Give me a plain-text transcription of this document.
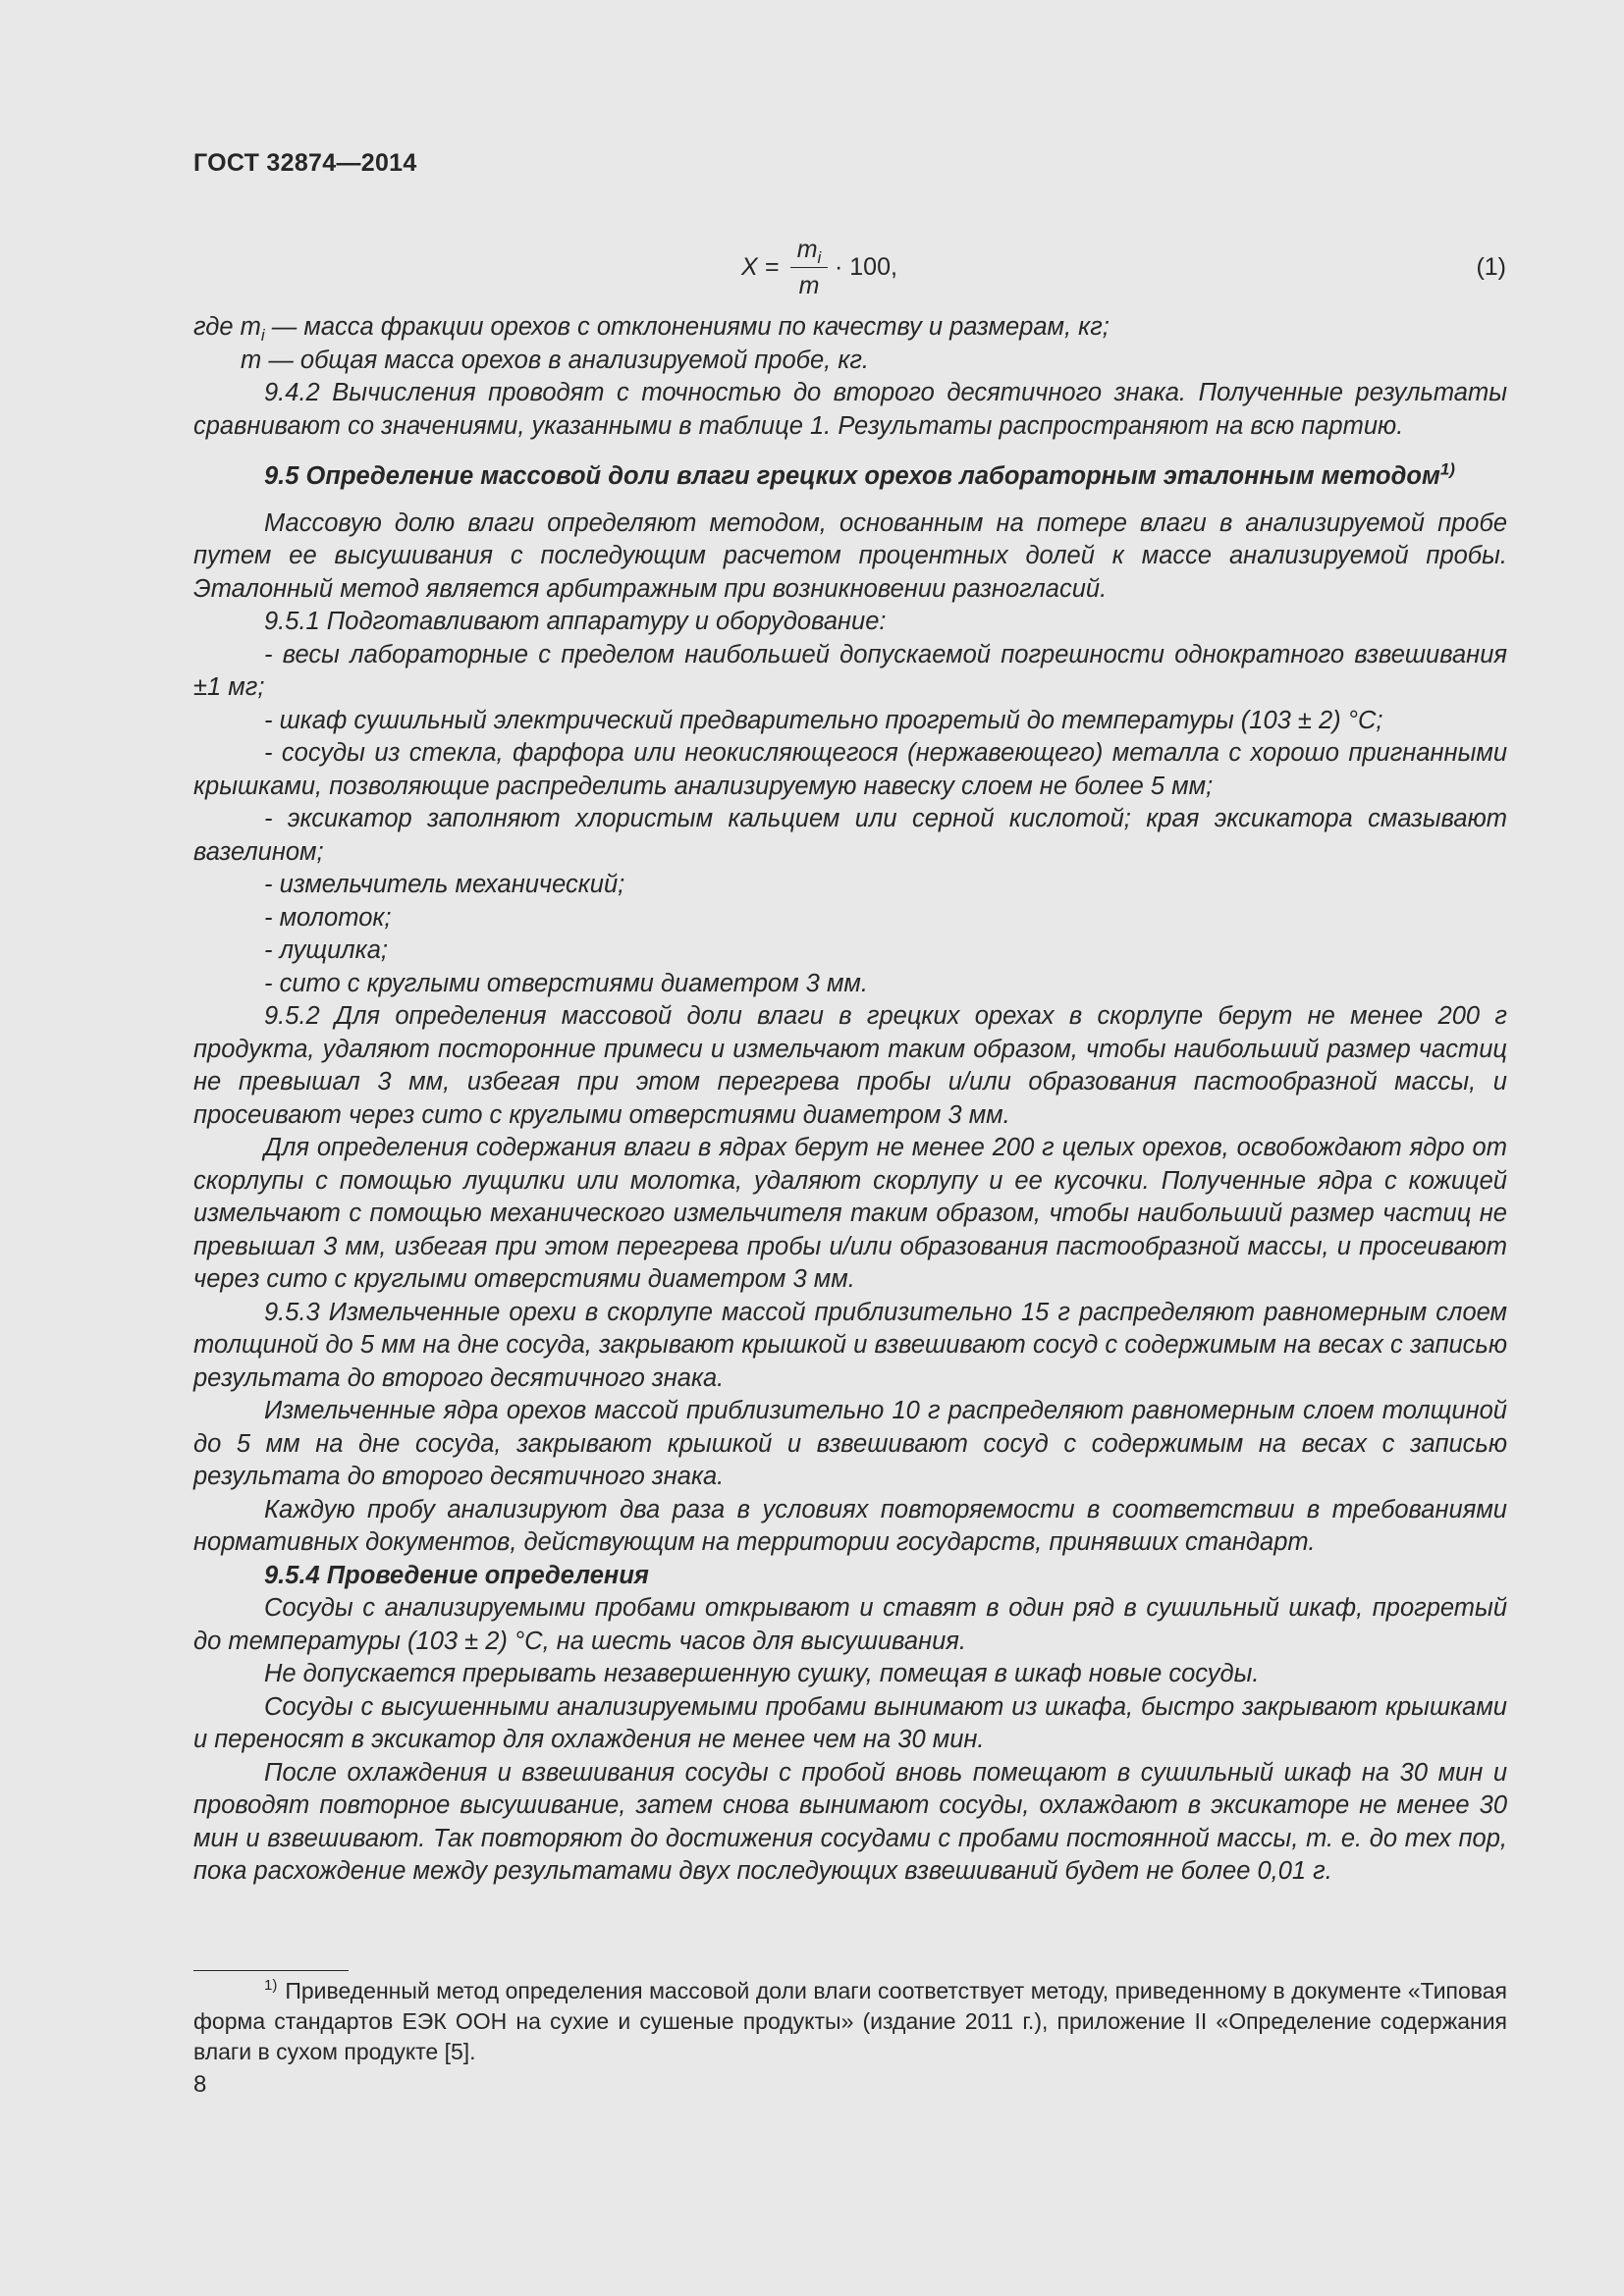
ГОСТ 32874—2014
X =
$m_i$
m
· 100,	(1)

где $m_i$ — масса фракции орехов с отклонениями по качеству и размерам, кг;

m — общая масса орехов в анализируемой пробе, кг.

9.4.2 Вычисления проводят с точностью до второго десятичного знака. Полученные результаты сравнивают со значениями, указанными в таблице 1. Результаты распространяют на всю партию.

9.5 Определение массовой доли влаги грецких орехов лабораторным эталонным методом$^{1)}$

Массовую долю влаги определяют методом, основанным на потере влаги в анализируемой пробе путем ее высушивания с последующим расчетом процентных долей к массе анализируемой пробы. Эталонный метод является арбитражным при возникновении разногласий.

9.5.1 Подготавливают аппаратуру и оборудование:

- весы лабораторные с пределом наибольшей допускаемой погрешности однократного взвешивания ±1 мг;

- шкаф сушильный электрический предварительно прогретый до температуры (103 ± 2) °С;

- сосуды из стекла, фарфора или неокисляющегося (нержавеющего) металла с хорошо пригнанными крышками, позволяющие распределить анализируемую навеску слоем не более 5 мм;

- эксикатор заполняют хлористым кальцием или серной кислотой; края эксикатора смазывают вазелином;

- измельчитель механический;

- молоток;

- лущилка;

- сито с круглыми отверстиями диаметром 3 мм.

9.5.2 Для определения массовой доли влаги в грецких орехах в скорлупе берут не менее 200 г продукта, удаляют посторонние примеси и измельчают таким образом, чтобы наибольший размер частиц не превышал 3 мм, избегая при этом перегрева пробы и/или образования пастообразной массы, и просеивают через сито с круглыми отверстиями диаметром 3 мм.

Для определения содержания влаги в ядрах берут не менее 200 г целых орехов, освобождают ядро от скорлупы с помощью лущилки или молотка, удаляют скорлупу и ее кусочки. Полученные ядра с кожицей измельчают с помощью механического измельчителя таким образом, чтобы наибольший размер частиц не превышал 3 мм, избегая при этом перегрева пробы и/или образования пастообразной массы, и просеивают через сито с круглыми отверстиями диаметром 3 мм.

9.5.3 Измельченные орехи в скорлупе массой приблизительно 15 г распределяют равномерным слоем толщиной до 5 мм на дне сосуда, закрывают крышкой и взвешивают сосуд с содержимым на весах с записью результата до второго десятичного знака.

Измельченные ядра орехов массой приблизительно 10 г распределяют равномерным слоем толщиной до 5 мм на дне сосуда, закрывают крышкой и взвешивают сосуд с содержимым на весах с записью результата до второго десятичного знака.

Каждую пробу анализируют два раза в условиях повторяемости в соответствии в требованиями нормативных документов, действующим на территории государств, принявших стандарт.

9.5.4 Проведение определения

Сосуды с анализируемыми пробами открывают и ставят в один ряд в сушильный шкаф, прогретый до температуры (103 ± 2) °С, на шесть часов для высушивания.

Не допускается прерывать незавершенную сушку, помещая в шкаф новые сосуды.

Сосуды с высушенными анализируемыми пробами вынимают из шкафа, быстро закрывают крышками и переносят в эксикатор для охлаждения не менее чем на 30 мин.

После охлаждения и взвешивания сосуды с пробой вновь помещают в сушильный шкаф на 30 мин и проводят повторное высушивание, затем снова вынимают сосуды, охлаждают в эксикаторе не менее 30 мин и взвешивают. Так повторяют до достижения сосудами с пробами постоянной массы, т. е. до тех пор, пока расхождение между результатами двух последующих взвешиваний будет не более 0,01 г.

$^{1)}$ Приведенный метод определения массовой доли влаги соответствует методу, приведенному в документе «Типовая форма стандартов ЕЭК ООН на сухие и сушеные продукты» (издание 2011 г.), приложение II «Определение содержания влаги в сухом продукте [5].

8
